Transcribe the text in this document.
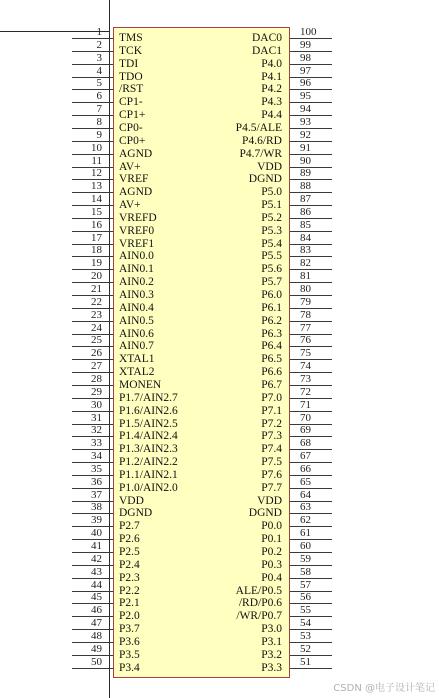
1 TMS
2 TCK
3 TDI
4 TDO
5 /RST
6 CP1-
7 CP1+
8 CP0-
9 CP0+
10 AGND
11 AV+
12 VREF
13 AGND
14 AV+
15 VREFD
16 VREF0
17 VREF1
18 AIN0.0
19 AIN0.1
20 AIN0.2
21 AIN0.3
22 AIN0.4
23 AIN0.5
24 AIN0.6
25 AIN0.7
26 XTAL1
27 XTAL2
28 MONEN
29 P1.7/AIN2.7
30 P1.6/AIN2.6
31 P1.5/AIN2.5
32 P1.4/AIN2.4
33 P1.3/AIN2.3
34 P1.2/AIN2.2
35 P1.1/AIN2.1
36 P1.0/AIN2.0
37 VDD
38 DGND
39 P2.7
40 P2.6
41 P2.5
42 P2.4
43 P2.3
44 P2.2
45 P2.1
46 P2.0
47 P3.7
48 P3.6
49 P3.5
50 P3.4
100
DAC0
99
DAC1
98
P4.0
97
P4.1
96
P4.2
95
P4.3
94
P4.4
93
P4.5/ALE
92
P4.6/RD
91
P4.7/WR
90
VDD
89
DGND
88
P5.0
87
P5.1
86
P5.2
85
P5.3
84
P5.4
83
P5.5
82
P5.6
81
P5.7
80
P6.0
79
P6.1
78
P6.2
77
P6.3
76
P6.4
75
P6.5
74
P6.6
73
P6.7
72
P7.0
71
P7.1
70
P7.2
69
P7.3
68
P7.4
67
P7.5
66
P7.6
65
P7.7
64
VDD
63
DGND
62
P0.0
61
P0.1
60
P0.2
59
P0.3
58
P0.4
57
ALE/P0.5
56
/RD/P0.6
55
/WR/P0.7
54
P3.0
53
P3.1
52
P3.2
51
P3.3
CSDN @电子设计笔记
